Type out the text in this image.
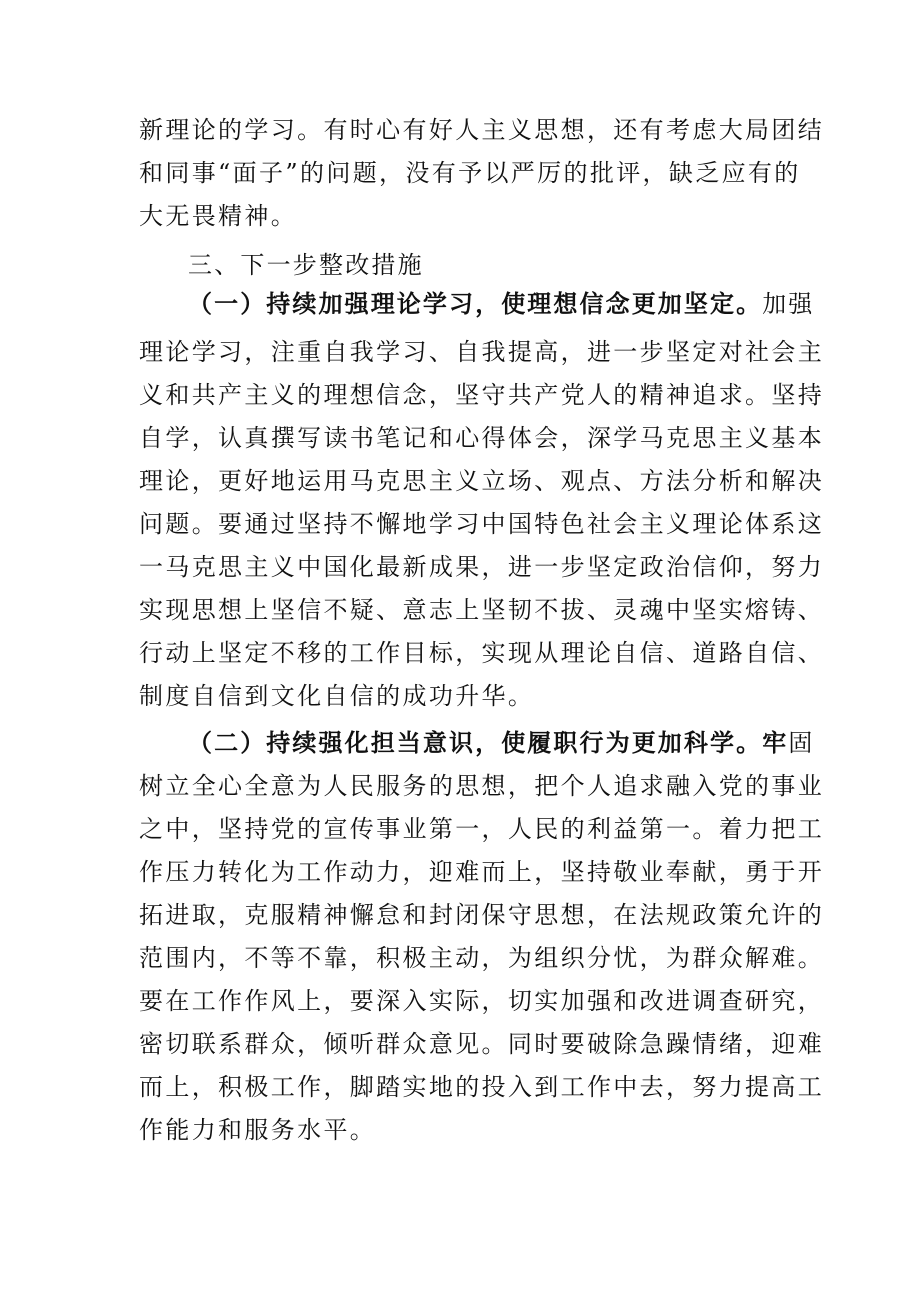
新理论的学习。有时心有好人主义思想，还有考虑大局团结
和同事“面子”的问题，没有予以严厉的批评，缺乏应有的
大无畏精神。
三、下一步整改措施
（一）持续加强理论学习，使理想信念更加坚定。加强
理论学习，注重自我学习、自我提高，进一步坚定对社会主
义和共产主义的理想信念，坚守共产党人的精神追求。坚持
自学，认真撰写读书笔记和心得体会，深学马克思主义基本
理论，更好地运用马克思主义立场、观点、方法分析和解决
问题。要通过坚持不懈地学习中国特色社会主义理论体系这
一马克思主义中国化最新成果，进一步坚定政治信仰，努力
实现思想上坚信不疑、意志上坚韧不拔、灵魂中坚实熔铸、
行动上坚定不移的工作目标，实现从理论自信、道路自信、
制度自信到文化自信的成功升华。
（二）持续强化担当意识，使履职行为更加科学。牢固
树立全心全意为人民服务的思想，把个人追求融入党的事业
之中，坚持党的宣传事业第一，人民的利益第一。着力把工
作压力转化为工作动力，迎难而上，坚持敬业奉献，勇于开
拓进取，克服精神懈怠和封闭保守思想，在法规政策允许的
范围内，不等不靠，积极主动，为组织分忧，为群众解难。
要在工作作风上，要深入实际，切实加强和改进调查研究，
密切联系群众，倾听群众意见。同时要破除急躁情绪，迎难
而上，积极工作，脚踏实地的投入到工作中去，努力提高工
作能力和服务水平。
